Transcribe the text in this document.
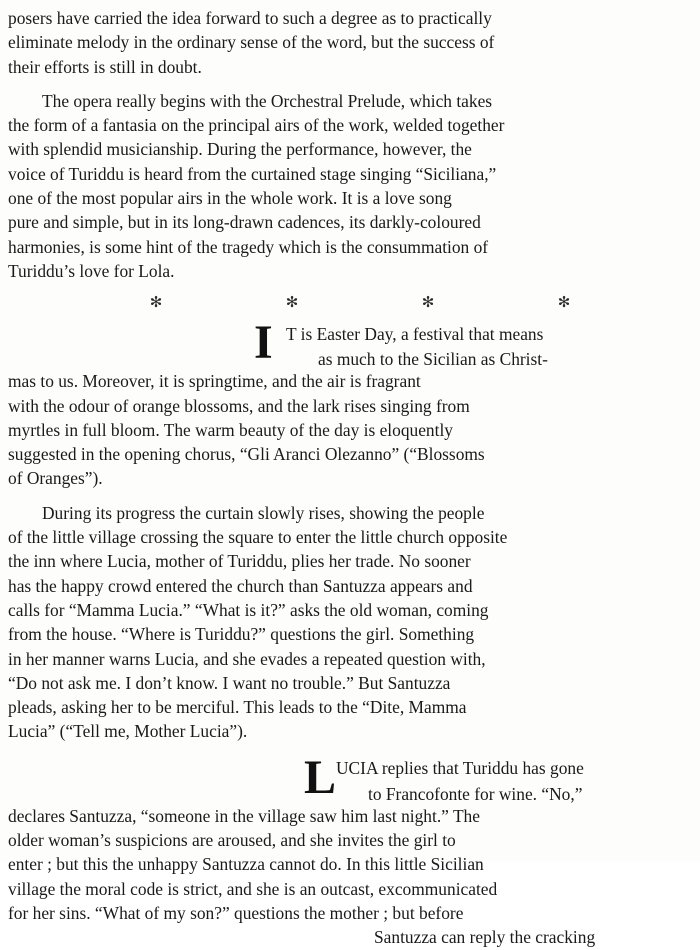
posers have carried the idea forward to such a degree as to practically
eliminate melody in the ordinary sense of the word, but the success of
their efforts is still in doubt.
The opera really begins with the Orchestral Prelude, which takes
the form of a fantasia on the principal airs of the work, welded together
with splendid musicianship. During the performance, however, the
voice of Turiddu is heard from the curtained stage singing “Siciliana,”
one of the most popular airs in the whole work. It is a love song
pure and simple, but in its long-drawn cadences, its darkly-coloured
harmonies, is some hint of the tragedy which is the consummation of
Turiddu’s love for Lola.
✻	✻	✻	✻
I T is Easter Day, a festival that means
as much to the Sicilian as Christ-
mas to us. Moreover, it is springtime, and the air is fragrant
with the odour of orange blossoms, and the lark rises singing from
myrtles in full bloom. The warm beauty of the day is eloquently
suggested in the opening chorus, “Gli Aranci Olezanno” (“Blossoms
of Oranges”).
During its progress the curtain slowly rises, showing the people
of the little village crossing the square to enter the little church opposite
the inn where Lucia, mother of Turiddu, plies her trade. No sooner
has the happy crowd entered the church than Santuzza appears and
calls for “Mamma Lucia.” “What is it?” asks the old woman, coming
from the house. “Where is Turiddu?” questions the girl. Something
in her manner warns Lucia, and she evades a repeated question with,
“Do not ask me. I don’t know. I want no trouble.” But Santuzza
pleads, asking her to be merciful. This leads to the “Dite, Mamma
Lucia” (“Tell me, Mother Lucia”).
L UCIA replies that Turiddu has gone
to Francofonte for wine. “No,”
declares Santuzza, “someone in the village saw him last night.” The
older woman’s suspicions are aroused, and she invites the girl to
enter ; but this the unhappy Santuzza cannot do. In this little Sicilian
village the moral code is strict, and she is an outcast, excommunicated
for her sins. “What of my son?” questions the mother ; but before
Santuzza can reply the cracking
